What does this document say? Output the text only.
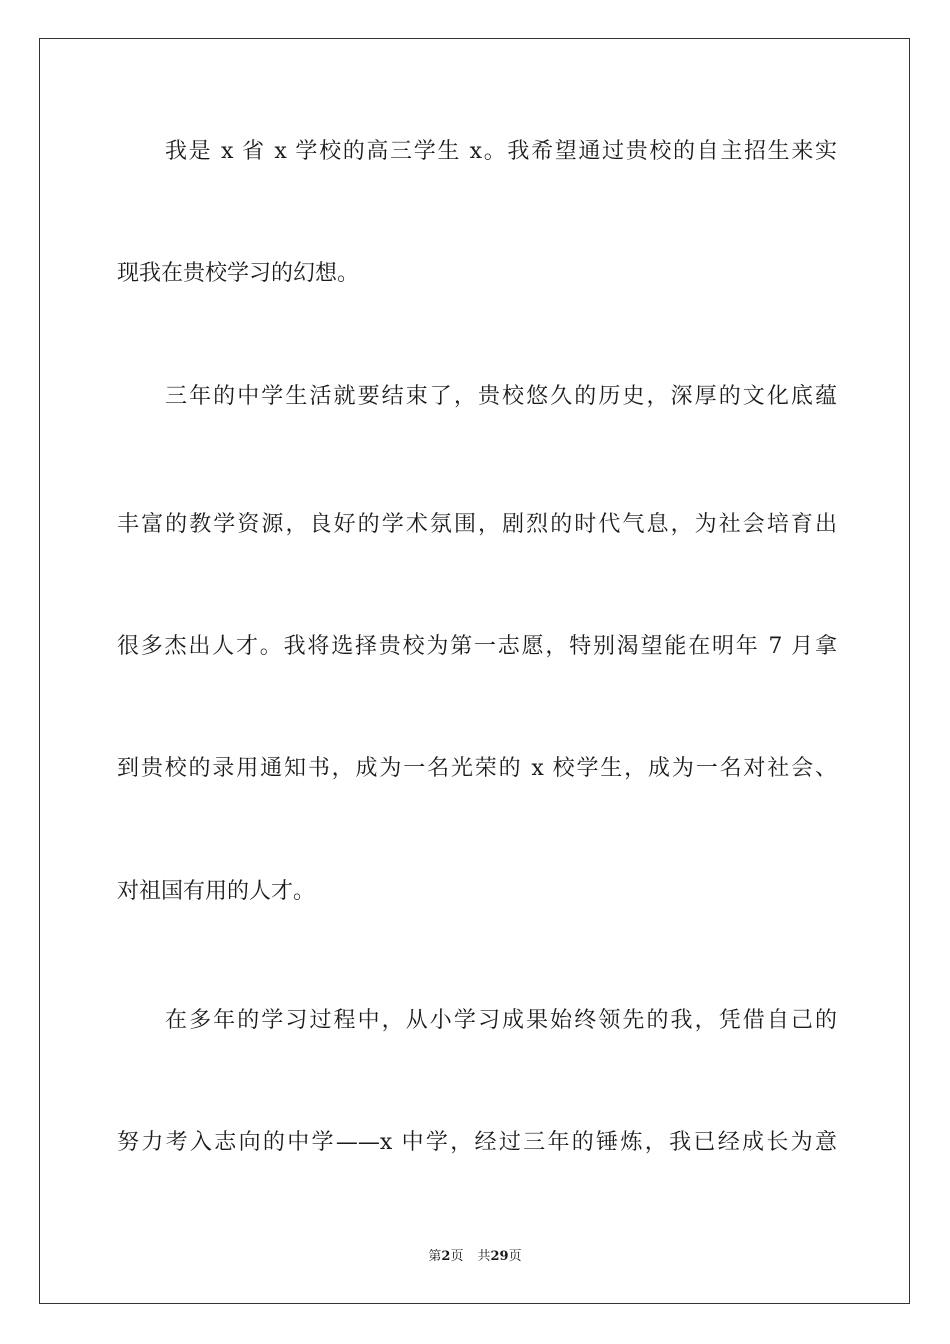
我是 x 省 x 学校的高三学生 x。我希望通过贵校的自主招生来实
现我在贵校学习的幻想。
三年的中学生活就要结束了，贵校悠久的历史，深厚的文化底蕴
丰富的教学资源，良好的学术氛围，剧烈的时代气息，为社会培育出
很多杰出人才。我将选择贵校为第一志愿，特别渴望能在明年 7 月拿
到贵校的录用通知书，成为一名光荣的 x 校学生，成为一名对社会、
对祖国有用的人才。
在多年的学习过程中，从小学习成果始终领先的我，凭借自己的
努力考入志向的中学——x 中学，经过三年的锤炼，我已经成长为意
第2页 共29页
